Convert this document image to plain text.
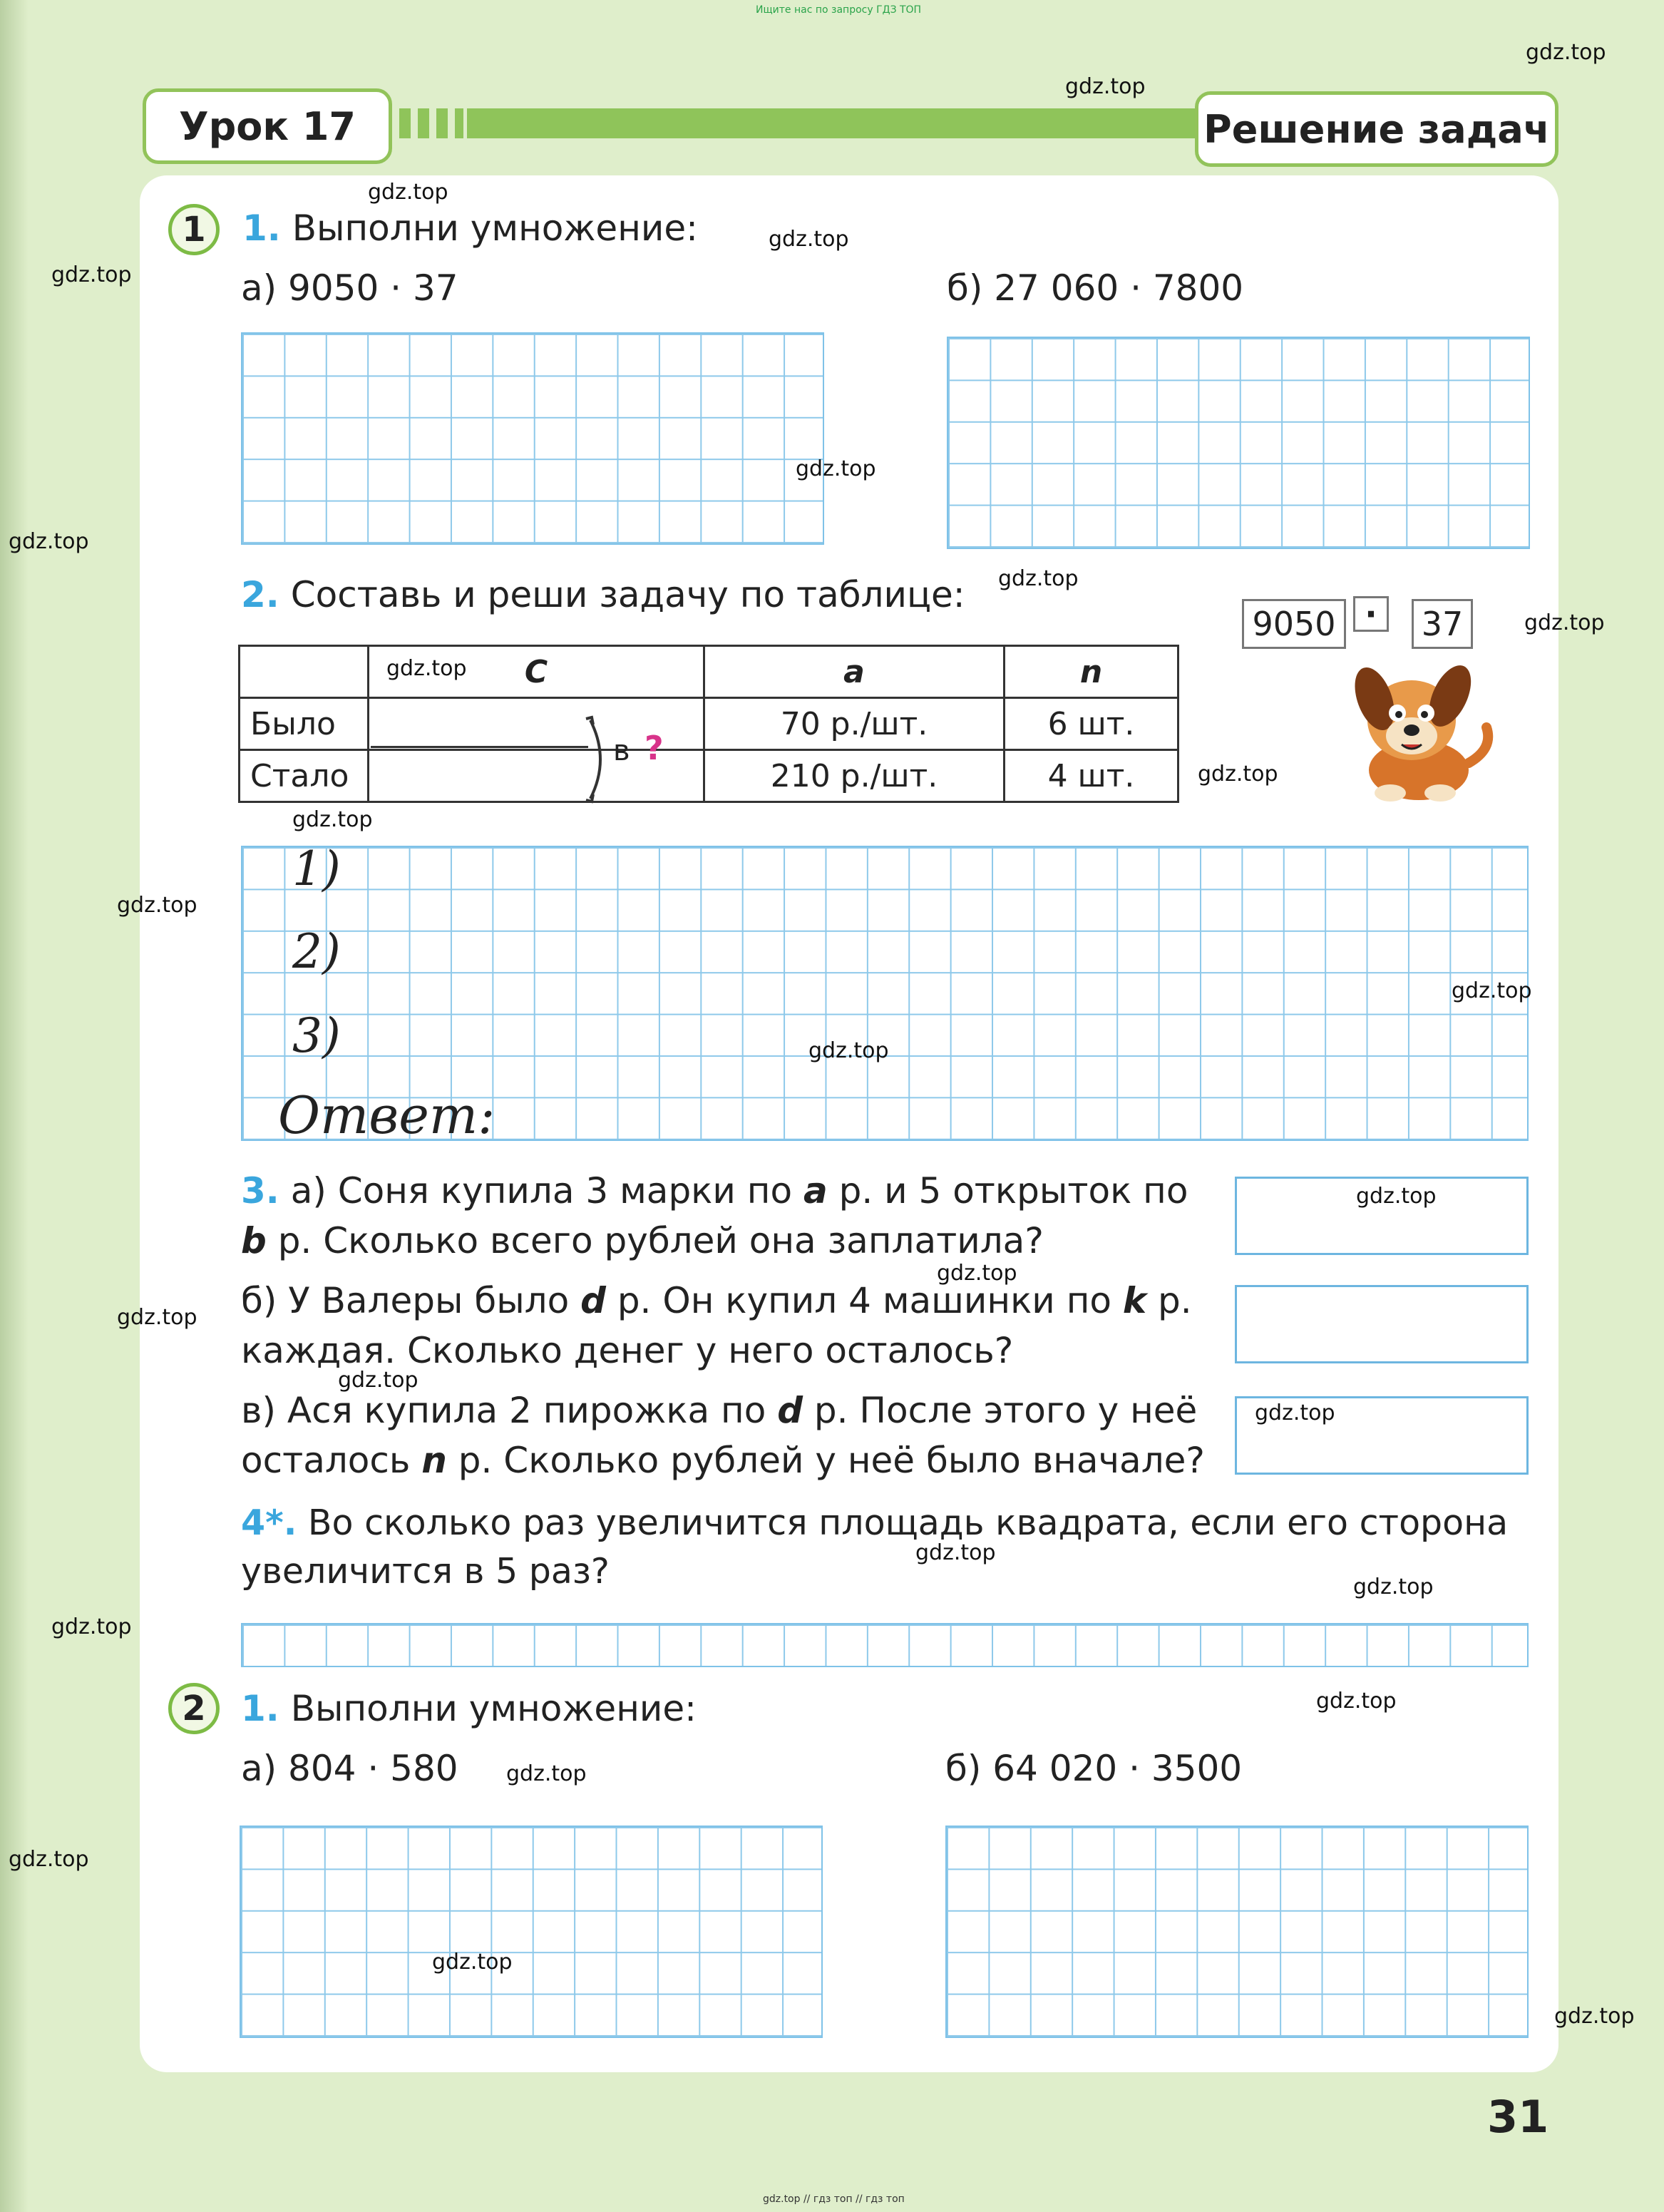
Ищите нас по запросу ГДЗ ТОП
gdz.top // гдз топ // гдз топ
Урок 17	Решение задач
1	1. Выполни умножение:
а) 9050 · 37	б) 27 060 · 7800
2. Составь и реши задачу по таблице:
	С	а	n
Было		70 р./шт.	6 шт.
Стало		210 р./шт.	4 шт.
в ?
9050 ·	37
1)
2)
3)
Ответ:
3. а) Соня купила 3 марки по a р. и 5 открыток по
b р. Сколько всего рублей она заплатила?
б) У Валеры было d р. Он купил 4 машинки по k р.
каждая. Сколько денег у него осталось?
в) Ася купила 2 пирожка по d р. После этого у неё
осталось n р. Сколько рублей у неё было вначале?
4*. Во сколько раз увеличится площадь квадрата, если его сторона
увеличится в 5 раз?
2 1. Выполни умножение:
а) 804 · 580	б) 64 020 · 3500
31
gdz.top
gdz.top
gdz.top
gdz.top
gdz.top
gdz.top
gdz.top
gdz.top
gdz.top
gdz.top
gdz.top
gdz.top
gdz.top
gdz.top
gdz.top
gdz.top
gdz.top
gdz.top
gdz.top
gdz.top
gdz.top
gdz.top
gdz.top
gdz.top
gdz.top
gdz.top
gdz.top
gdz.top
